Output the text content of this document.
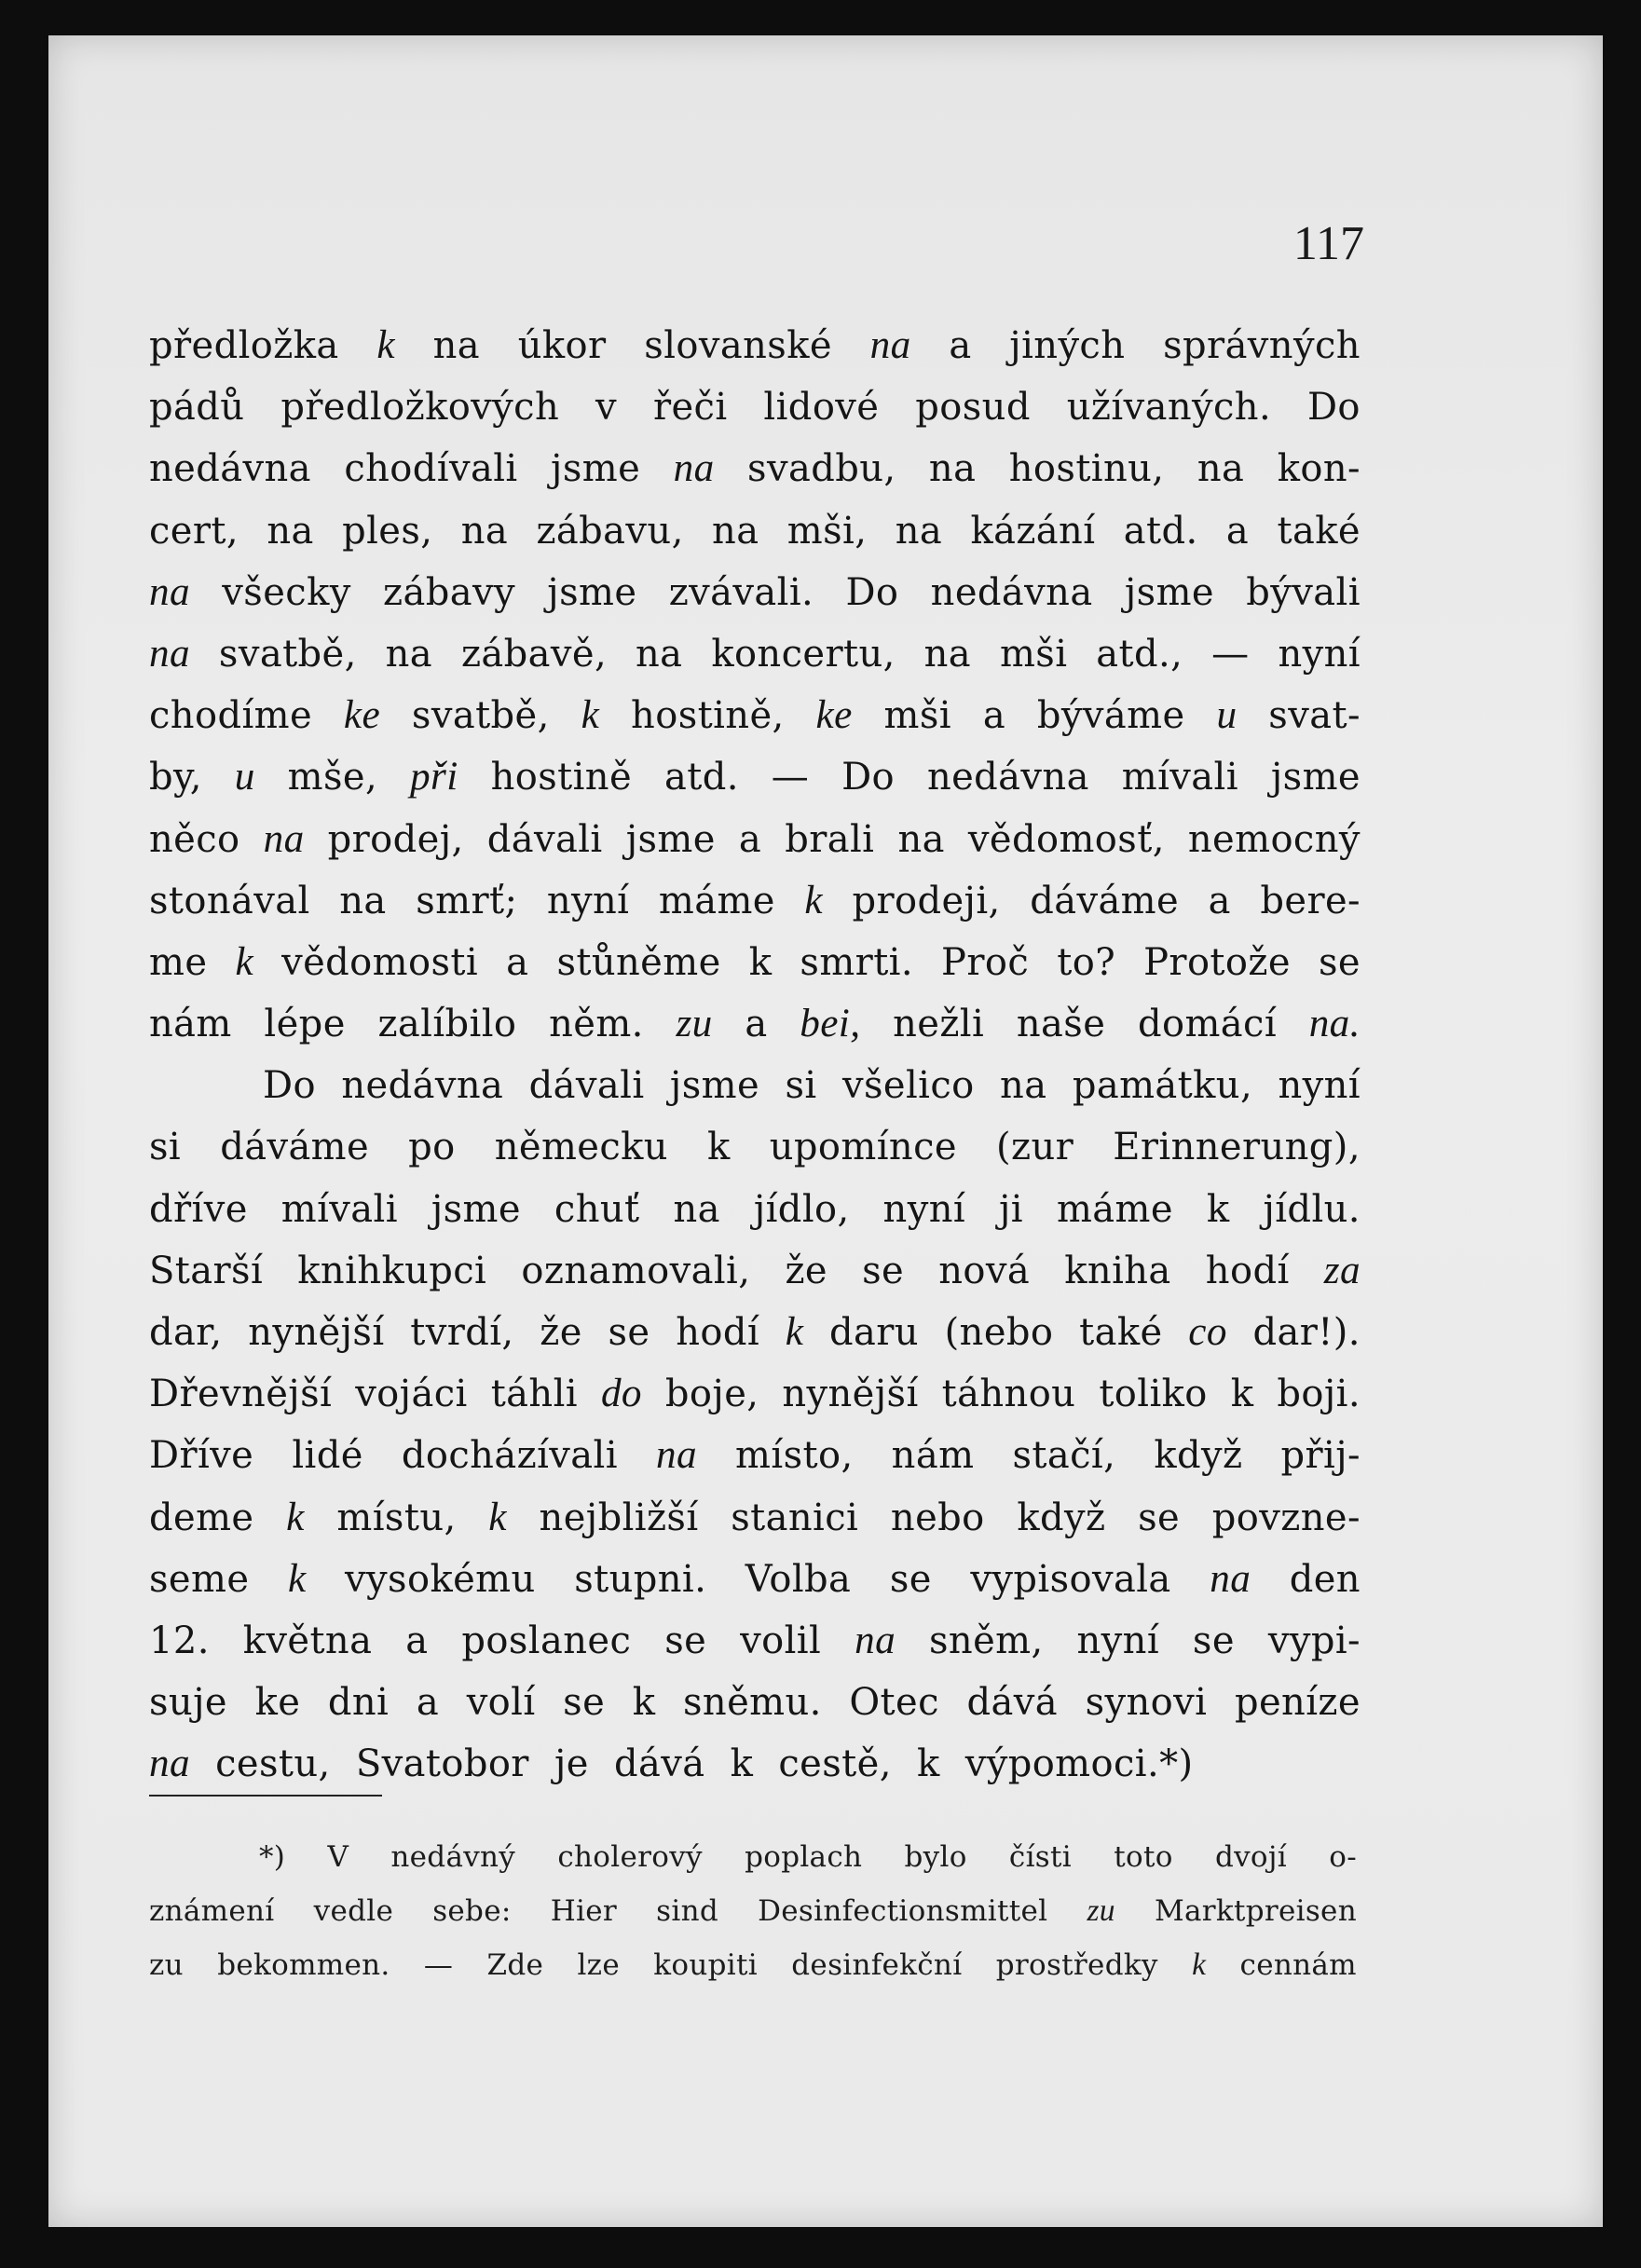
117
předložka k na úkor slovanské na a jiných správných
pádů předložkových v řeči lidové posud užívaných. Do
nedávna chodívali jsme na svadbu, na hostinu, na kon-
cert, na ples, na zábavu, na mši, na kázání atd. a také
na všecky zábavy jsme zvávali. Do nedávna jsme bývali
na svatbě, na zábavě, na koncertu, na mši atd., — nyní
chodíme ke svatbě, k hostině, ke mši a býváme u svat-
by, u mše, při hostině atd. — Do nedávna mívali jsme
něco na prodej, dávali jsme a brali na vědomosť, nemocný
stonával na smrť; nyní máme k prodeji, dáváme a bere-
me k vědomosti a stůněme k smrti. Proč to? Protože se
nám lépe zalíbilo něm. zu a bei, nežli naše domácí na.
Do nedávna dávali jsme si všelico na památku, nyní
si dáváme po německu k upomínce (zur Erinnerung),
dříve mívali jsme chuť na jídlo, nyní ji máme k jídlu.
Starší knihkupci oznamovali, že se nová kniha hodí za
dar, nynější tvrdí, že se hodí k daru (nebo také co dar!).
Dřevnější vojáci táhli do boje, nynější táhnou toliko k boji.
Dříve lidé docházívali na místo, nám stačí, když přij-
deme k místu, k nejbližší stanici nebo když se povzne-
seme k vysokému stupni. Volba se vypisovala na den
12. května a poslanec se volil na sněm, nyní se vypi-
suje ke dni a volí se k sněmu. Otec dává synovi peníze
na
cestu,
Svatobor
je
dává
k
cestě,
k
výpomoci. *)
*) V nedávný cholerový poplach bylo čísti toto dvojí o-
známení vedle sebe: Hier sind Desinfectionsmittel zu Marktpreisen
zu bekommen. — Zde lze koupiti desinfekční prostředky k cennám
